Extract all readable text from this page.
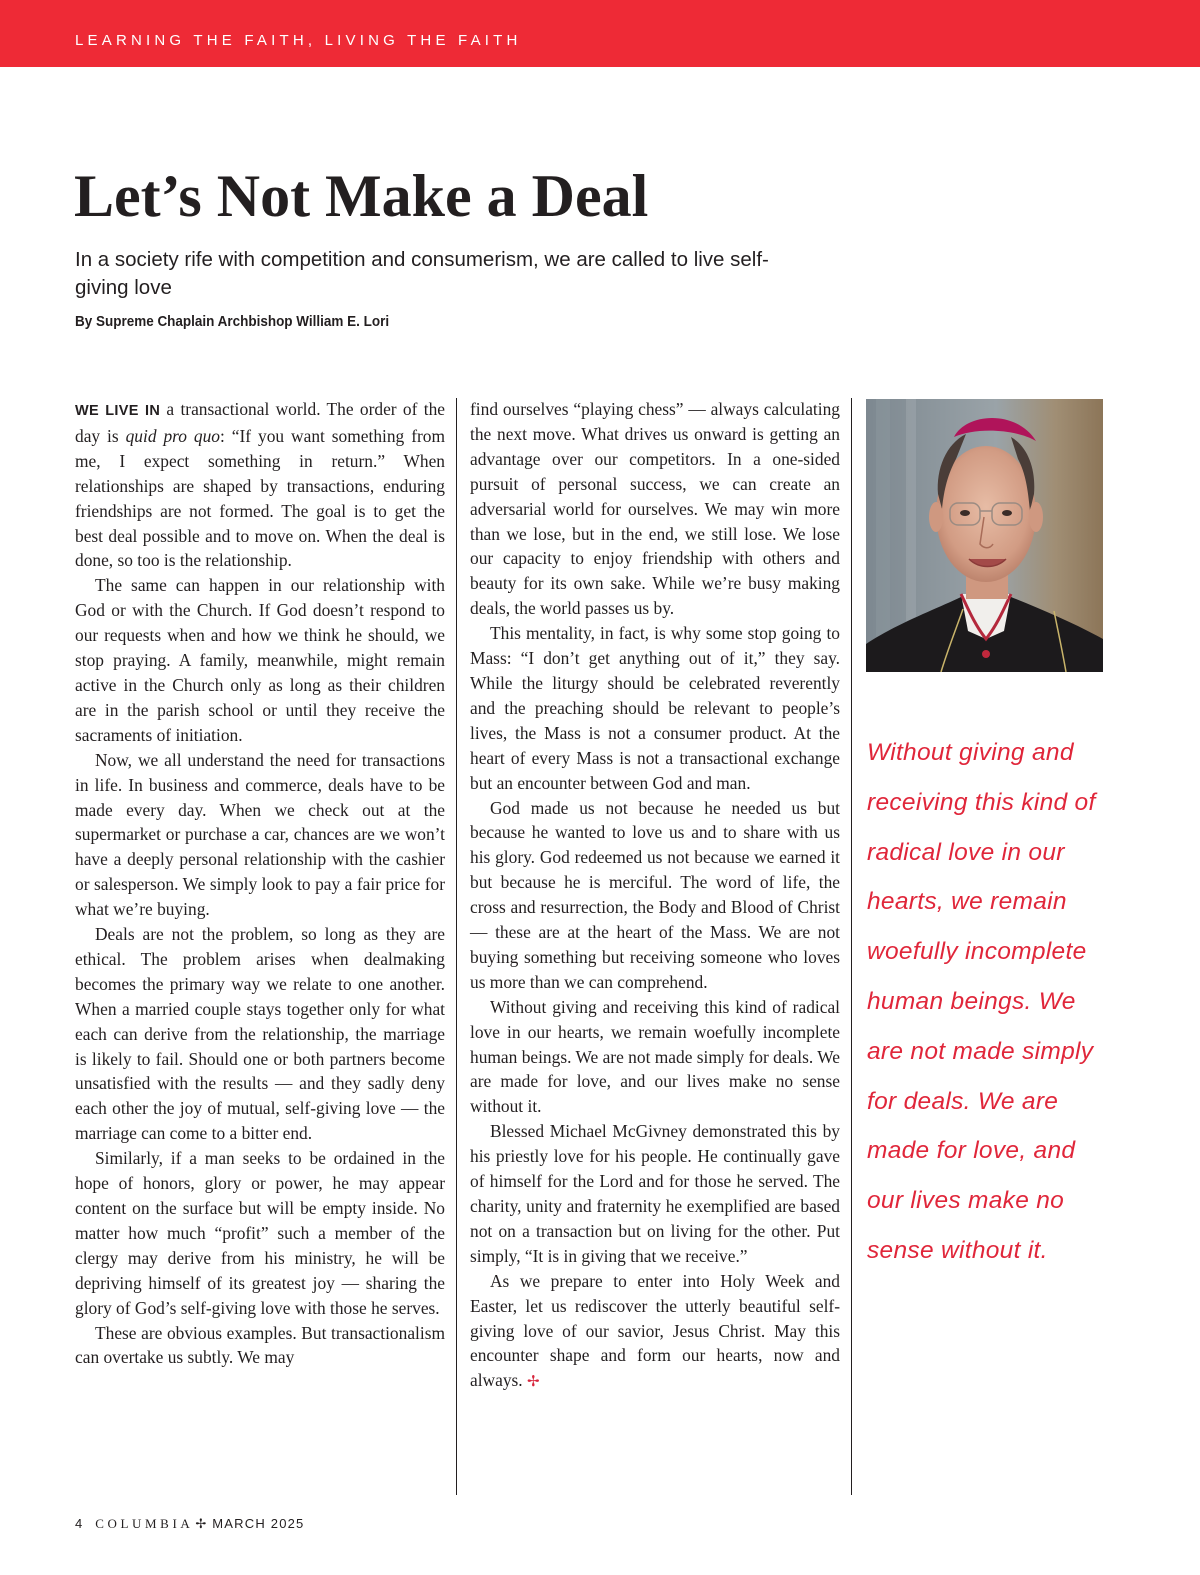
LEARNING THE FAITH, LIVING THE FAITH
Let’s Not Make a Deal
In a society rife with competition and consumerism, we are called to live self-giving love
By Supreme Chaplain Archbishop William E. Lori

WE LIVE IN a transactional world. The order of the day is quid pro quo: “If you want something from me, I expect something in return.” When relationships are shaped by transactions, enduring friendships are not formed. The goal is to get the best deal possible and to move on. When the deal is done, so too is the relationship.

The same can happen in our relationship with God or with the Church. If God doesn’t respond to our requests when and how we think he should, we stop praying. A family, meanwhile, might remain active in the Church only as long as their children are in the parish school or until they receive the sacraments of initiation.

Now, we all understand the need for transactions in life. In business and commerce, deals have to be made every day. When we check out at the supermarket or purchase a car, chances are we won’t have a deeply personal relationship with the cashier or salesperson. We simply look to pay a fair price for what we’re buying.

Deals are not the problem, so long as they are ethical. The problem arises when dealmaking becomes the primary way we relate to one another. When a married couple stays together only for what each can derive from the relationship, the marriage is likely to fail. Should one or both partners become unsatisfied with the results — and they sadly deny each other the joy of mutual, self-giving love — the marriage can come to a bitter end.

Similarly, if a man seeks to be ordained in the hope of honors, glory or power, he may appear content on the surface but will be empty inside. No matter how much “profit” such a member of the clergy may derive from his ministry, he will be depriving himself of its greatest joy — sharing the glory of God’s self-giving love with those he serves.

These are obvious examples. But transactionalism can overtake us subtly. We may

find ourselves “playing chess” — always calculating the next move. What drives us onward is getting an advantage over our competitors. In a one-sided pursuit of personal success, we can create an adversarial world for ourselves. We may win more than we lose, but in the end, we still lose. We lose our capacity to enjoy friendship with others and beauty for its own sake. While we’re busy making deals, the world passes us by.

This mentality, in fact, is why some stop going to Mass: “I don’t get anything out of it,” they say. While the liturgy should be celebrated reverently and the preaching should be relevant to people’s lives, the Mass is not a consumer product. At the heart of every Mass is not a transactional exchange but an encounter between God and man.

God made us not because he needed us but because he wanted to love us and to share with us his glory. God redeemed us not because we earned it but because he is merciful. The word of life, the cross and resurrection, the Body and Blood of Christ — these are at the heart of the Mass. We are not buying something but receiving someone who loves us more than we can comprehend.

Without giving and receiving this kind of radical love in our hearts, we remain woefully incomplete human beings. We are not made simply for deals. We are made for love, and our lives make no sense without it.

Blessed Michael McGivney demonstrated this by his priestly love for his people. He continually gave of himself for the Lord and for those he served. The charity, unity and fraternity he exemplified are based not on a transaction but on living for the other. Put simply, “It is in giving that we receive.”

As we prepare to enter into Holy Week and Easter, let us rediscover the utterly beautiful self-giving love of our savior, Jesus Christ. May this encounter shape and form our hearts, now and always. ✢

Without giving and receiving this kind of radical love in our hearts, we remain woefully incomplete human beings. We are not made simply for deals. We are made for love, and our lives make no sense without it.
4 COLUMBIA ✢ MARCH 2025
